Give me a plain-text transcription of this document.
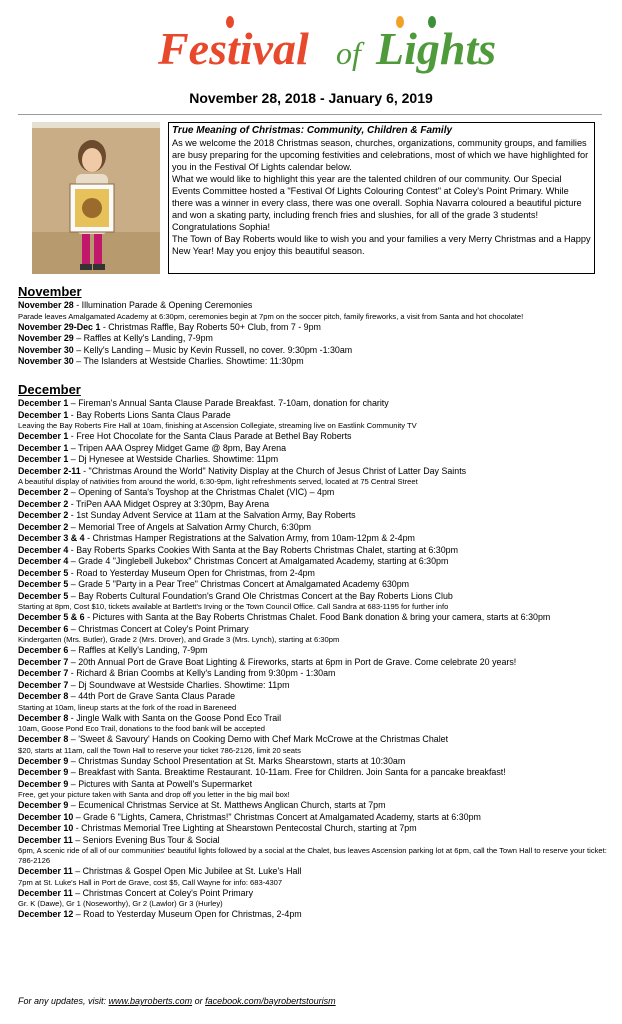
Festival of Lights
November 28, 2018 - January 6, 2019

True Meaning of Christmas: Community, Children & Family

As we welcome the 2018 Christmas season, churches, organizations, community groups, and families are busy preparing for the upcoming festivities and celebrations, most of which we have highlighted for you in the Festival Of Lights calendar below.

What we would like to highlight this year are the talented children of our community. Our Special Events Committee hosted a "Festival Of Lights Colouring Contest" at Coley's Point Primary. While there was a winner in every class, there was one overall. Sophia Navarra coloured a beautiful picture and won a skating party, including french fries and slushies, for all of the grade 3 students! Congratulations Sophia!

The Town of Bay Roberts would like to wish you and your families a very Merry Christmas and a Happy New Year! May you enjoy this beautiful season.

November
November 28 - Illumination Parade & Opening Ceremonies
Parade leaves Amalgamated Academy at 6:30pm, ceremonies begin at 7pm on the soccer pitch, family fireworks, a visit from Santa and hot chocolate!
November 29-Dec 1 - Christmas Raffle, Bay Roberts 50+ Club, from 7 - 9pm
November 29 – Raffles at Kelly's Landing, 7-9pm
November 30 – Kelly's Landing – Music by Kevin Russell, no cover. 9:30pm -1:30am
November 30 – The Islanders at Westside Charlies. Showtime: 11:30pm
December
December 1 – Fireman's Annual Santa Clause Parade Breakfast. 7-10am, donation for charity
December 1 - Bay Roberts Lions Santa Claus Parade
Leaving the Bay Roberts Fire Hall at 10am, finishing at Ascension Collegiate, streaming live on Eastlink Community TV
December 1 - Free Hot Chocolate for the Santa Claus Parade at Bethel Bay Roberts
December 1 – Tripen AAA Osprey Midget Game @ 8pm, Bay Arena
December 1 – Dj Hynesee at Westside Charlies. Showtime: 11pm
December 2-11 - "Christmas Around the World" Nativity Display at the Church of Jesus Christ of Latter Day Saints
A beautiful display of nativities from around the world, 6:30-9pm, light refreshments served, located at 75 Central Street
December 2 – Opening of Santa's Toyshop at the Christmas Chalet (VIC) – 4pm
December 2 - TriPen AAA Midget Osprey at 3:30pm, Bay Arena
December 2 - 1st Sunday Advent Service at 11am at the Salvation Army, Bay Roberts
December 2 – Memorial Tree of Angels at Salvation Army Church, 6:30pm
December 3 & 4 - Christmas Hamper Registrations at the Salvation Army, from 10am-12pm & 2-4pm
December 4 - Bay Roberts Sparks Cookies With Santa at the Bay Roberts Christmas Chalet, starting at 6:30pm
December 4 – Grade 4 "Jinglebell Jukebox" Christmas Concert at Amalgamated Academy, starting at 6:30pm
December 5 - Road to Yesterday Museum Open for Christmas, from 2-4pm
December 5 – Grade 5 "Party in a Pear Tree" Christmas Concert at Amalgamated Academy 630pm
December 5 – Bay Roberts Cultural Foundation's Grand Ole Christmas Concert at the Bay Roberts Lions Club
Starting at 8pm, Cost $10, tickets available at Bartlett's Irving or the Town Council Office. Call Sandra at 683-1195 for further info
December 5 & 6 - Pictures with Santa at the Bay Roberts Christmas Chalet. Food Bank donation & bring your camera, starts at 6:30pm
December 6 – Christmas Concert at Coley's Point Primary
Kindergarten (Mrs. Butler), Grade 2 (Mrs. Drover), and Grade 3 (Mrs. Lynch), starting at 6:30pm
December 6 – Raffles at Kelly's Landing, 7-9pm
December 7 – 20th Annual Port de Grave Boat Lighting & Fireworks, starts at 6pm in Port de Grave. Come celebrate 20 years!
December 7 - Richard & Brian Coombs at Kelly's Landing from 9:30pm - 1:30am
December 7 – Dj Soundwave at Westside Charlies. Showtime: 11pm
December 8 – 44th Port de Grave Santa Claus Parade
Starting at 10am, lineup starts at the fork of the road in Bareneed
December 8 - Jingle Walk with Santa on the Goose Pond Eco Trail
10am, Goose Pond Eco Trail, donations to the food bank will be accepted
December 8 – 'Sweet & Savoury' Hands on Cooking Demo with Chef Mark McCrowe at the Christmas Chalet
$20, starts at 11am, call the Town Hall to reserve your ticket 786-2126, limit 20 seats
December 9 – Christmas Sunday School Presentation at St. Marks Shearstown, starts at 10:30am
December 9 – Breakfast with Santa. Breaktime Restaurant. 10-11am. Free for Children. Join Santa for a pancake breakfast!
December 9 – Pictures with Santa at Powell's Supermarket
Free, get your picture taken with Santa and drop off you letter in the big mail box!
December 9 – Ecumenical Christmas Service at St. Matthews Anglican Church, starts at 7pm
December 10 – Grade 6 "Lights, Camera, Christmas!" Christmas Concert at Amalgamated Academy, starts at 6:30pm
December 10 - Christmas Memorial Tree Lighting at Shearstown Pentecostal Church, starting at 7pm
December 11 – Seniors Evening Bus Tour & Social
6pm, A scenic ride of all of our communities' beautiful lights followed by a social at the Chalet, bus leaves Ascension parking lot at 6pm, call the Town Hall to reserve your ticket: 786-2126
December 11 – Christmas & Gospel Open Mic Jubilee at St. Luke's Hall
7pm at St. Luke's Hall in Port de Grave, cost $5, Call Wayne for info: 683-4307
December 11 – Christmas Concert at Coley's Point Primary
Gr. K (Dawe), Gr 1 (Noseworthy), Gr 2 (Lawlor) Gr 3 (Hurley)
December 12 – Road to Yesterday Museum Open for Christmas, 2-4pm
For any updates, visit: www.bayroberts.com or facebook.com/bayrobertstourism
